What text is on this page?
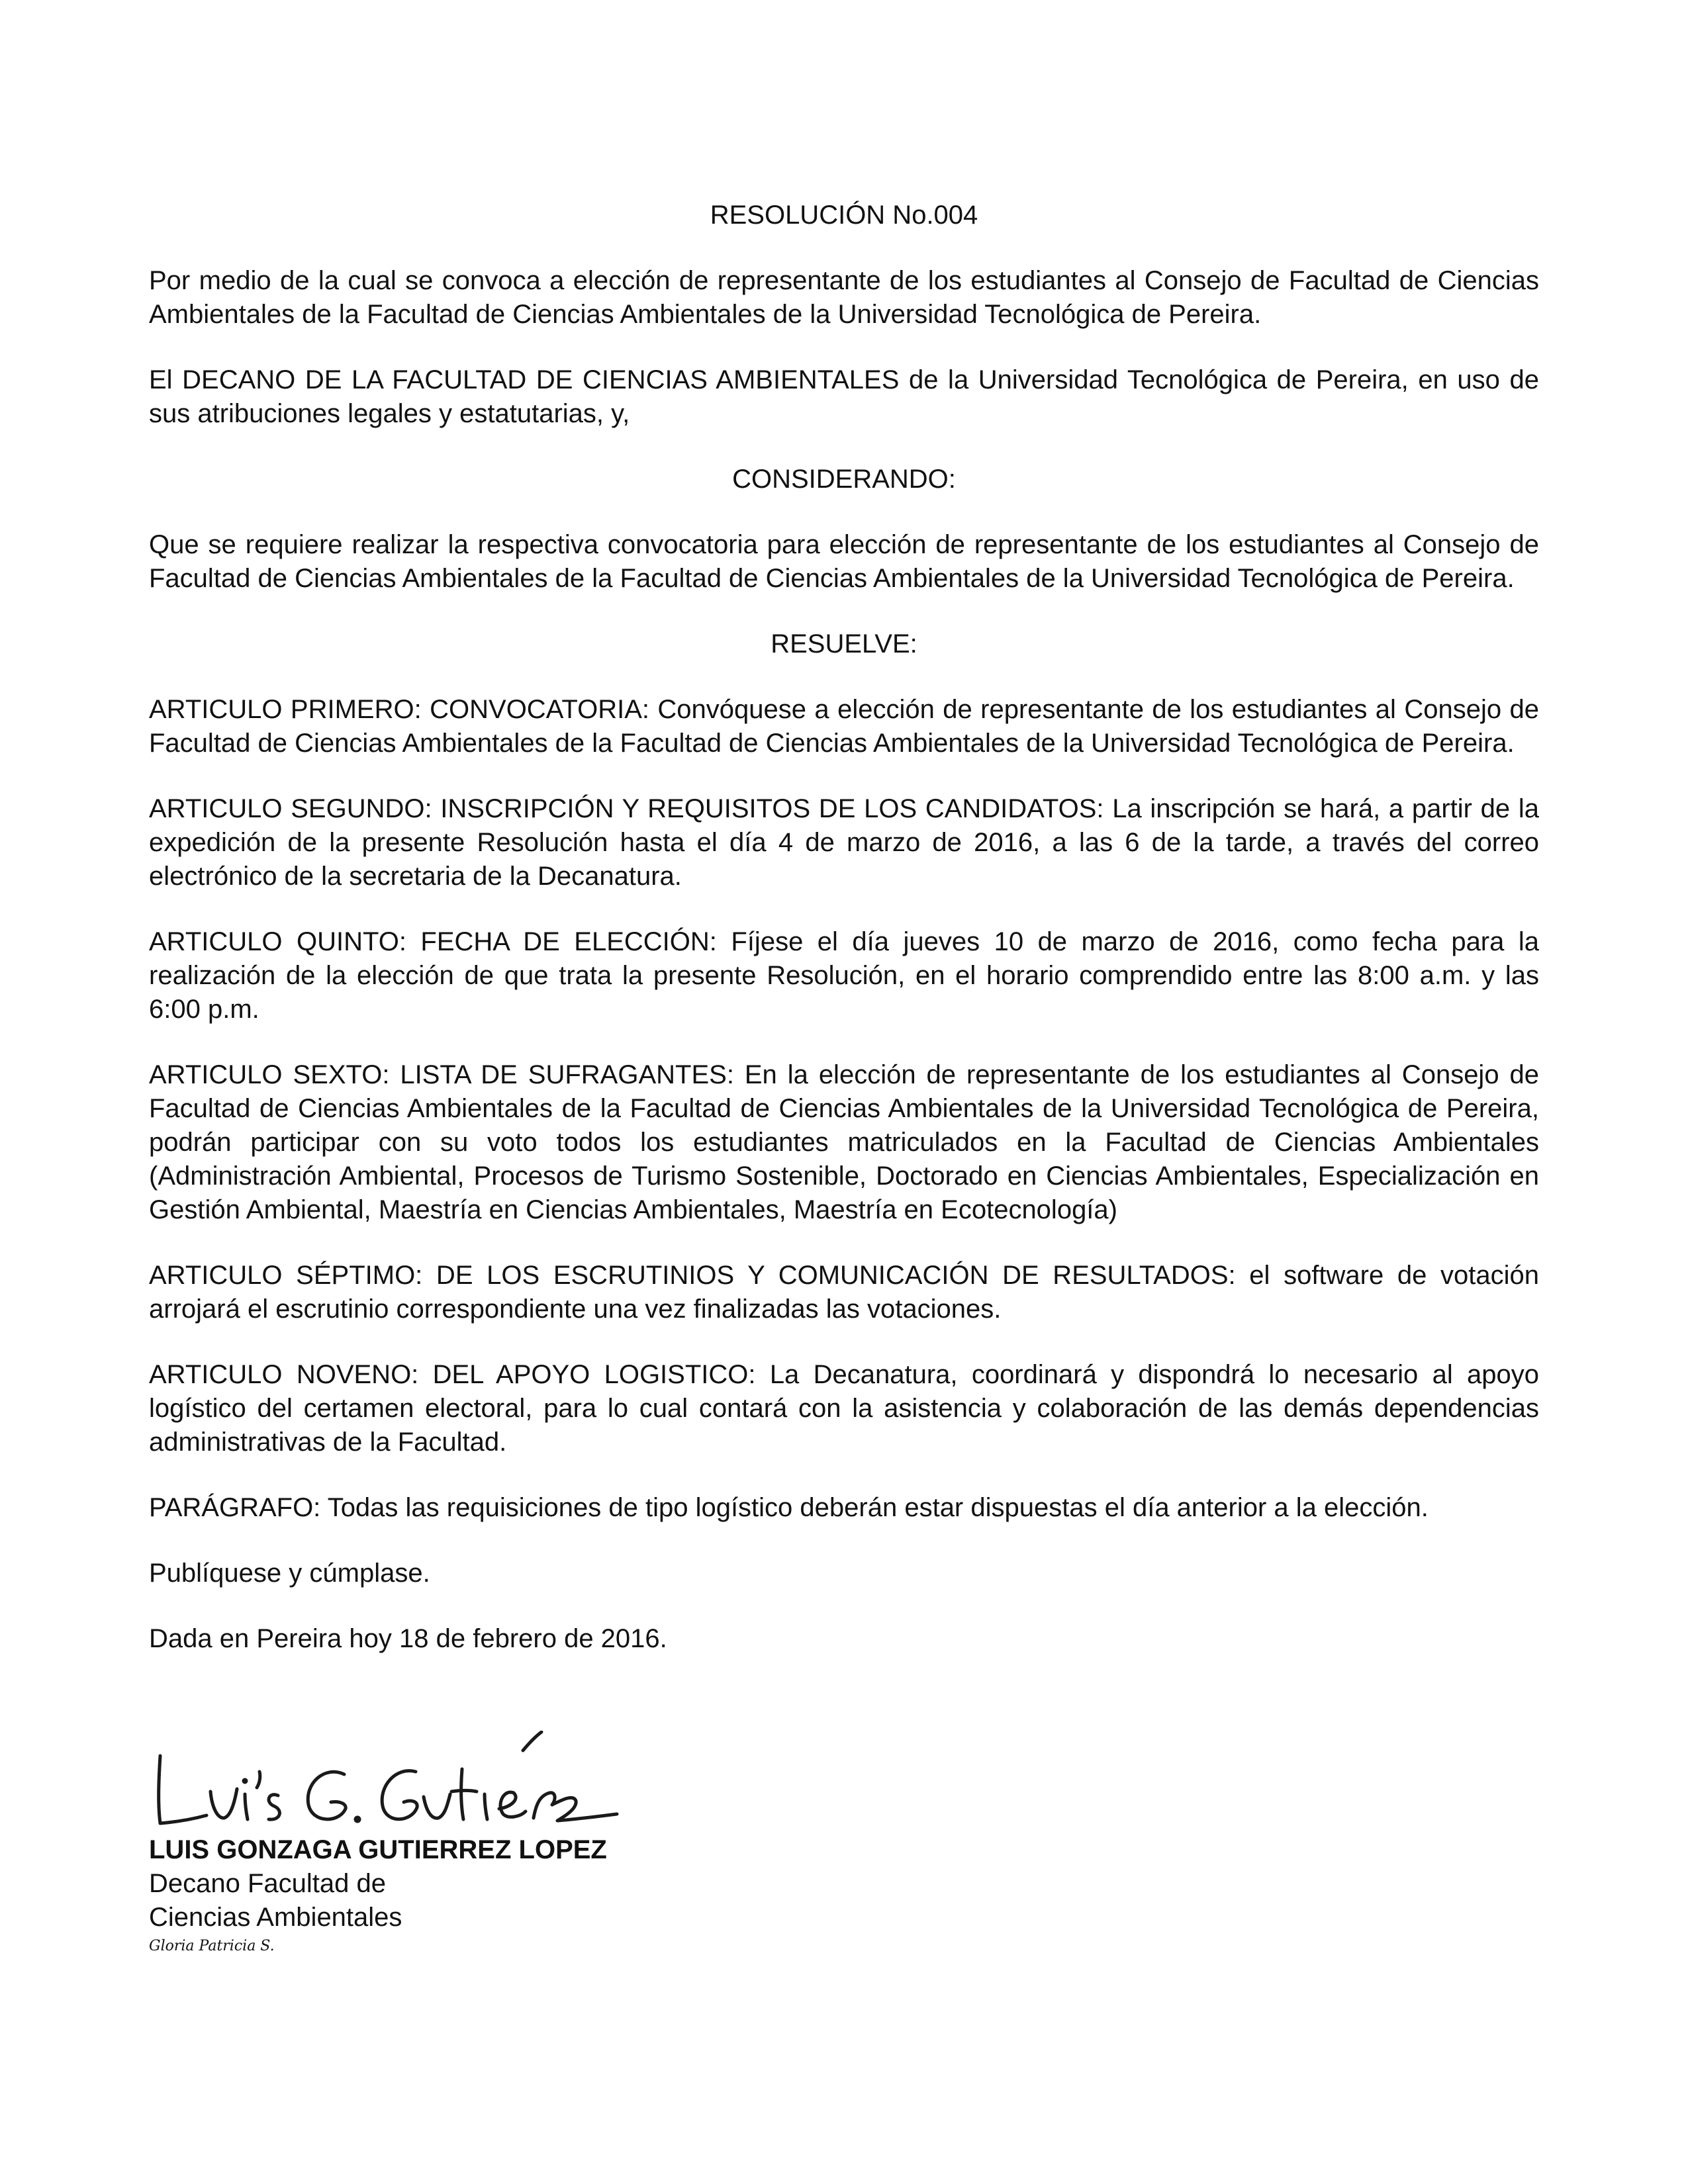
RESOLUCIÓN No.004

Por medio de la cual se convoca a elección de representante de los estudiantes al Consejo de Facultad de Ciencias Ambientales de la Facultad de Ciencias Ambientales de la Universidad Tecnológica de Pereira.

El DECANO DE LA FACULTAD DE CIENCIAS AMBIENTALES de la Universidad Tecnológica de Pereira, en uso de sus atribuciones legales y estatutarias, y,

CONSIDERANDO:

Que se requiere realizar la respectiva convocatoria para elección de representante de los estudiantes al Consejo de Facultad de Ciencias Ambientales de la Facultad de Ciencias Ambientales de la Universidad Tecnológica de Pereira.

RESUELVE:

ARTICULO PRIMERO: CONVOCATORIA: Convóquese a elección de representante de los estudiantes al Consejo de Facultad de Ciencias Ambientales de la Facultad de Ciencias Ambientales de la Universidad Tecnológica de Pereira.

ARTICULO SEGUNDO: INSCRIPCIÓN Y REQUISITOS DE LOS CANDIDATOS: La inscripción se hará, a partir de la expedición de la presente Resolución hasta el día 4 de marzo de 2016, a las 6 de la tarde, a través del correo electrónico de la secretaria de la Decanatura.

ARTICULO QUINTO: FECHA DE ELECCIÓN: Fíjese el día jueves 10 de marzo de 2016, como fecha para la realización de la elección de que trata la presente Resolución, en el horario comprendido entre las 8:00 a.m. y las 6:00 p.m.

ARTICULO SEXTO: LISTA DE SUFRAGANTES: En la elección de representante de los estudiantes al Consejo de Facultad de Ciencias Ambientales de la Facultad de Ciencias Ambientales de la Universidad Tecnológica de Pereira, podrán participar con su voto todos los estudiantes matriculados en la Facultad de Ciencias Ambientales (Administración Ambiental, Procesos de Turismo Sostenible, Doctorado en Ciencias Ambientales, Especialización en Gestión Ambiental, Maestría en Ciencias Ambientales, Maestría en Ecotecnología)

ARTICULO SÉPTIMO: DE LOS ESCRUTINIOS Y COMUNICACIÓN DE RESULTADOS: el software de votación arrojará el escrutinio correspondiente una vez finalizadas las votaciones.

ARTICULO NOVENO: DEL APOYO LOGISTICO: La Decanatura, coordinará y dispondrá lo necesario al apoyo logístico del certamen electoral, para lo cual contará con la asistencia y colaboración de las demás dependencias administrativas de la Facultad.

PARÁGRAFO: Todas las requisiciones de tipo logístico deberán estar dispuestas el día anterior a la elección.

Publíquese y cúmplase.

Dada en Pereira hoy 18 de febrero de 2016.

LUIS GONZAGA GUTIERREZ LOPEZ

Decano Facultad de

Ciencias Ambientales

Gloria Patricia S.
